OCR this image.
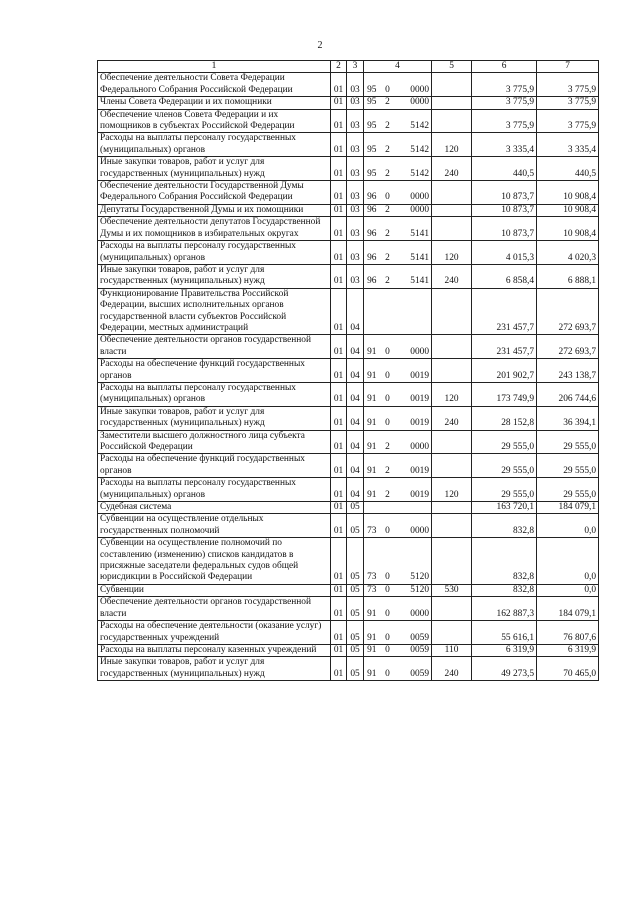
2
1	2	3	4			5	6	7
Обеспечение деятельности Совета Федерации Федерального Собрания Российской Федерации	01	03	95	0	0000		3 775,9	3 775,9
Члены Совета Федерации и их помощники	01	03	95	2	0000		3 775,9	3 775,9
Обеспечение членов Совета Федерации и их помощников в субъектах Российской Федерации	01	03	95	2	5142		3 775,9	3 775,9
Расходы на выплаты персоналу государственных (муниципальных) органов	01	03	95	2	5142	120	3 335,4	3 335,4
Иные закупки товаров, работ и услуг для государственных (муниципальных) нужд	01	03	95	2	5142	240	440,5	440,5
Обеспечение деятельности Государственной Думы Федерального Собрания Российской Федерации	01	03	96	0	0000		10 873,7	10 908,4
Депутаты Государственной Думы и их помощники	01	03	96	2	0000		10 873,7	10 908,4
Обеспечение деятельности депутатов Государственной Думы и их помощников в избирательных округах	01	03	96	2	5141		10 873,7	10 908,4
Расходы на выплаты персоналу государственных (муниципальных) органов	01	03	96	2	5141	120	4 015,3	4 020,3
Иные закупки товаров, работ и услуг для государственных (муниципальных) нужд	01	03	96	2	5141	240	6 858,4	6 888,1
Функционирование Правительства Российской Федерации, высших исполнительных органов государственной власти субъектов Российской Федерации, местных администраций	01	04					231 457,7	272 693,7
Обеспечение деятельности органов государственной власти	01	04	91	0	0000		231 457,7	272 693,7
Расходы на обеспечение функций государственных органов	01	04	91	0	0019		201 902,7	243 138,7
Расходы на выплаты персоналу государственных (муниципальных) органов	01	04	91	0	0019	120	173 749,9	206 744,6
Иные закупки товаров, работ и услуг для государственных (муниципальных) нужд	01	04	91	0	0019	240	28 152,8	36 394,1
Заместители высшего должностного лица субъекта Российской Федерации	01	04	91	2	0000		29 555,0	29 555,0
Расходы на обеспечение функций государственных органов	01	04	91	2	0019		29 555,0	29 555,0
Расходы на выплаты персоналу государственных (муниципальных) органов	01	04	91	2	0019	120	29 555,0	29 555,0
Судебная система	01	05					163 720,1	184 079,1
Субвенции на осуществление отдельных государственных полномочий	01	05	73	0	0000		832,8	0,0
Субвенции на осуществление полномочий по составлению (изменению) списков кандидатов в присяжные заседатели федеральных судов общей юрисдикции в Российской Федерации	01	05	73	0	5120		832,8	0,0
Субвенции	01	05	73	0	5120	530	832,8	0,0
Обеспечение деятельности органов государственной власти	01	05	91	0	0000		162 887,3	184 079,1
Расходы на обеспечение деятельности (оказание услуг) государственных учреждений	01	05	91	0	0059		55 616,1	76 807,6
Расходы на выплаты персоналу казенных учреждений	01	05	91	0	0059	110	6 319,9	6 319,9
Иные закупки товаров, работ и услуг для государственных (муниципальных) нужд	01	05	91	0	0059	240	49 273,5	70 465,0
